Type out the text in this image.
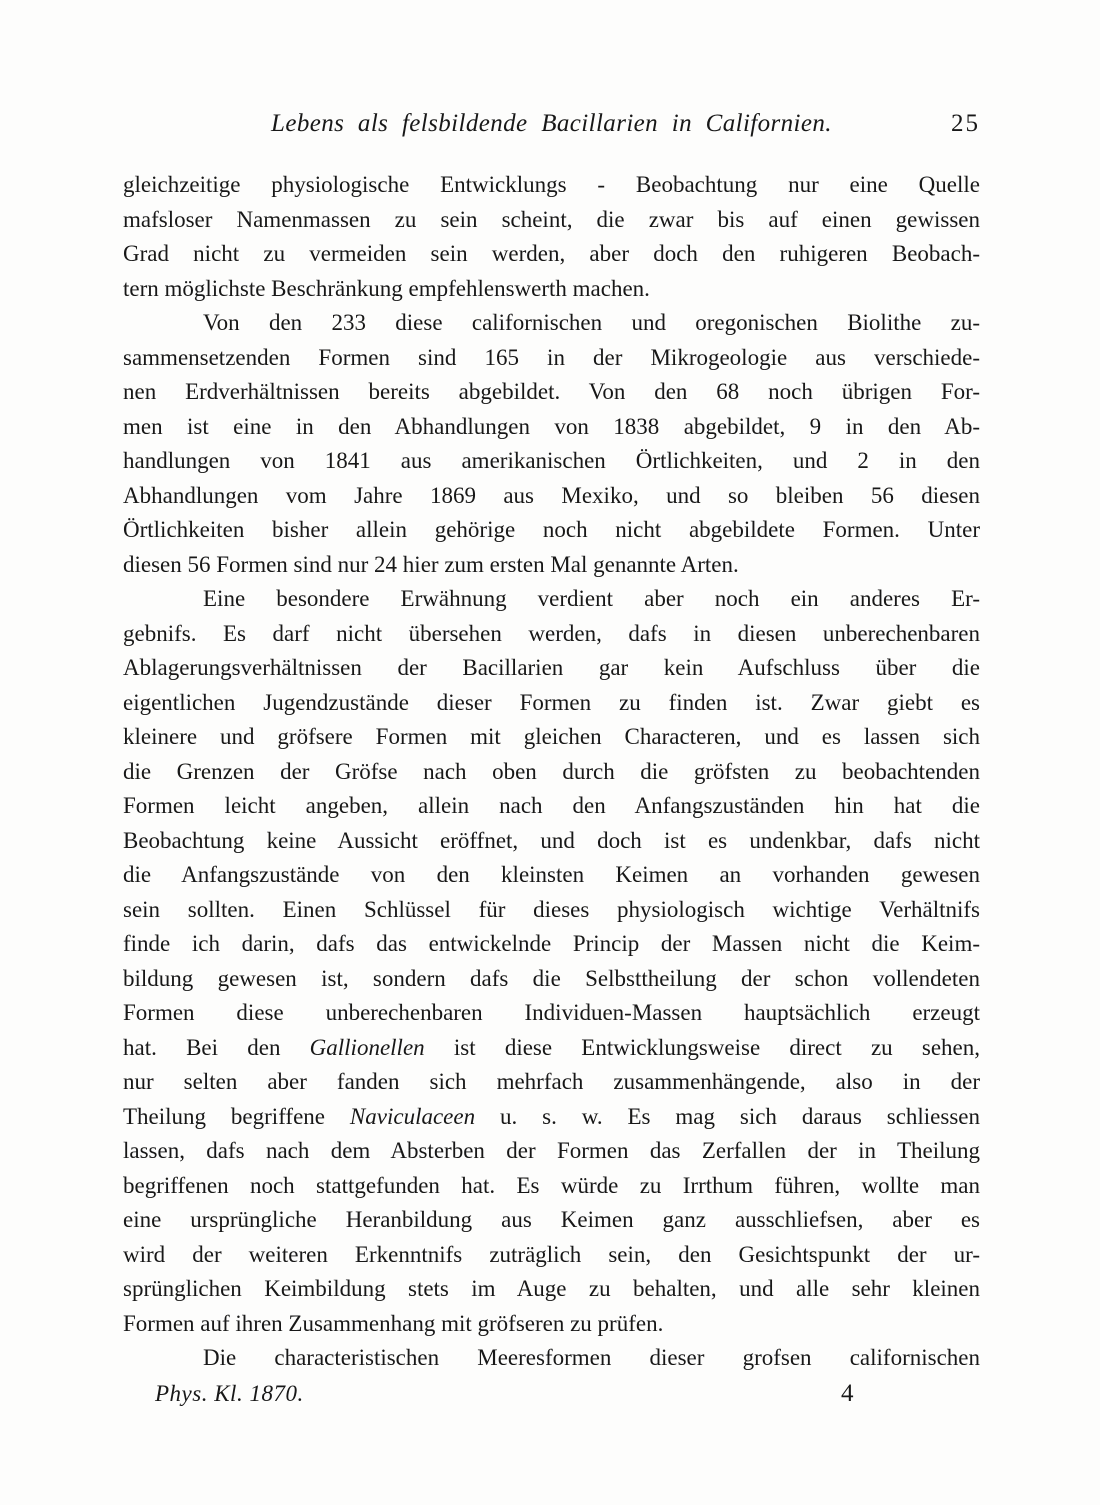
Lebens als felsbildende Bacillarien in Californien.	25
gleichzeitige physiologische Entwicklungs - Beobachtung nur eine Quelle
mafsloser Namenmassen zu sein scheint, die zwar bis auf einen gewissen
Grad nicht zu vermeiden sein werden, aber doch den ruhigeren Beobach-
tern möglichste Beschränkung empfehlenswerth machen.
Von den 233 diese californischen und oregonischen Biolithe zu-
sammensetzenden Formen sind 165 in der Mikrogeologie aus verschiede-
nen Erdverhältnissen bereits abgebildet. Von den 68 noch übrigen For-
men ist eine in den Abhandlungen von 1838 abgebildet, 9 in den Ab-
handlungen von 1841 aus amerikanischen Örtlichkeiten, und 2 in den
Abhandlungen vom Jahre 1869 aus Mexiko, und so bleiben 56 diesen
Örtlichkeiten bisher allein gehörige noch nicht abgebildete Formen. Unter
diesen 56 Formen sind nur 24 hier zum ersten Mal genannte Arten.
Eine besondere Erwähnung verdient aber noch ein anderes Er-
gebnifs. Es darf nicht übersehen werden, dafs in diesen unberechenbaren
Ablagerungsverhältnissen der Bacillarien gar kein Aufschluss über die
eigentlichen Jugendzustände dieser Formen zu finden ist. Zwar giebt es
kleinere und gröfsere Formen mit gleichen Characteren, und es lassen sich
die Grenzen der Gröfse nach oben durch die gröfsten zu beobachtenden
Formen leicht angeben, allein nach den Anfangszuständen hin hat die
Beobachtung keine Aussicht eröffnet, und doch ist es undenkbar, dafs nicht
die Anfangszustände von den kleinsten Keimen an vorhanden gewesen
sein sollten. Einen Schlüssel für dieses physiologisch wichtige Verhältnifs
finde ich darin, dafs das entwickelnde Princip der Massen nicht die Keim-
bildung gewesen ist, sondern dafs die Selbsttheilung der schon vollendeten
Formen diese unberechenbaren Individuen-Massen hauptsächlich erzeugt
hat. Bei den Gallionellen ist diese Entwicklungsweise direct zu sehen,
nur selten aber fanden sich mehrfach zusammenhängende, also in der
Theilung begriffene Naviculaceen u. s. w. Es mag sich daraus schliessen
lassen, dafs nach dem Absterben der Formen das Zerfallen der in Theilung
begriffenen noch stattgefunden hat. Es würde zu Irrthum führen, wollte man
eine ursprüngliche Heranbildung aus Keimen ganz ausschliefsen, aber es
wird der weiteren Erkenntnifs zuträglich sein, den Gesichtspunkt der ur-
sprünglichen Keimbildung stets im Auge zu behalten, und alle sehr kleinen
Formen auf ihren Zusammenhang mit gröfseren zu prüfen.
Die characteristischen Meeresformen dieser grofsen californischen
Phys. Kl. 1870.	4
